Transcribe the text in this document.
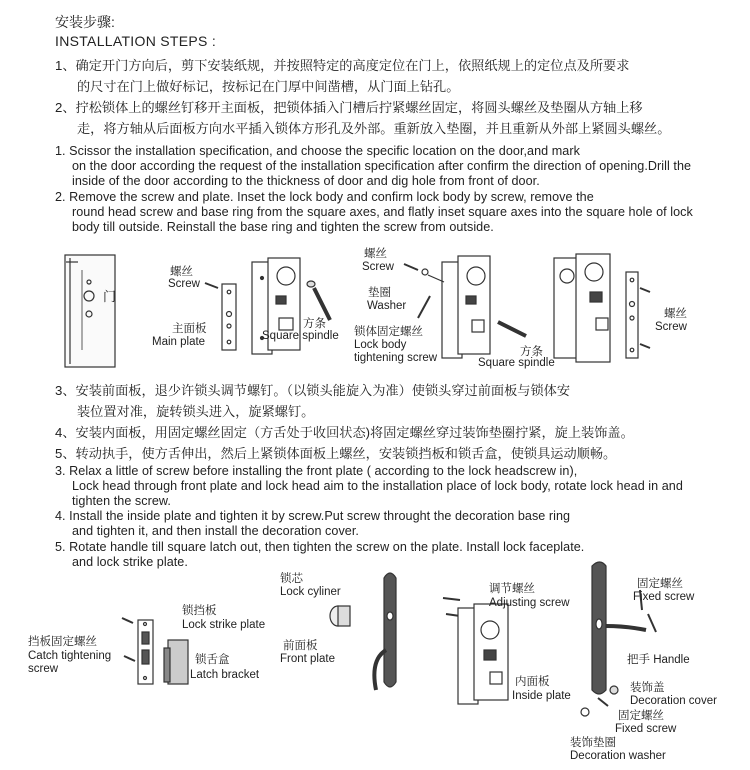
安装步骤:
INSTALLATION STEPS :
1、确定开门方向后，剪下安装纸规，并按照特定的高度定位在门上，依照纸规上的定位点及所要求
的尺寸在门上做好标记，按标记在门厚中间凿槽，从门面上钻孔。
2、拧松锁体上的螺丝钉移开主面板，把锁体插入门槽后拧紧螺丝固定，将圆头螺丝及垫圈从方轴上移
走，将方轴从后面板方向水平插入锁体方形孔及外部。重新放入垫圈，并且重新从外部上紧圆头螺丝。
1. Scissor the installation specification, and choose the specific location on the door,and mark
on the door according the request of the installation specification after confirm the direction of opening.Drill the inside of the door according to the thickness of door and dig hole from front of door.
2. Remove the screw and plate. Inset the lock body and confirm lock body by screw, remove the
round head screw and base ring from the square axes, and flatly inset square axes into the square hole of lock body till outside. Reinstall the base ring and tighten the screw from outside.
门
螺丝
Screw
主面板
Main plate
方条
Square spindle
螺丝
Screw
垫圈
Washer
锁体固定螺丝
Lock body
tightening screw	方条
Square spindle
螺丝
Screw
3、安装前面板，退少许锁头调节螺钉。（以锁头能旋入为准）使锁头穿过前面板与锁体安
装位置对准，旋转锁头进入，旋紧螺钉。
4、安装内面板，用固定螺丝固定（方舌处于收回状态)将固定螺丝穿过装饰垫圈拧紧，旋上装饰盖。
5、转动执手，使方舌伸出，然后上紧锁体面板上螺丝，安装锁挡板和锁舌盒，使锁具运动顺畅。
3. Relax a little of screw before installing the front plate ( according to the lock headscrew in),
Lock head through front plate and lock head aim to the installation place of lock body, rotate lock head in and tighten the screw.
4. Install the inside plate and tighten it by screw.Put screw throught the decoration base ring
and tighten it, and then install the decoration cover.
5. Rotate handle till square latch out, then tighten the screw on the plate. Install lock faceplate.
and lock strike plate.
挡板固定螺丝
Catch tightening
screw
锁挡板
Lock strike plate
锁舌盒
Latch bracket
锁芯
Lock cyliner
前面板
Front plate
调节螺丝
Adjusting screw
内面板
Inside plate
固定螺丝
Fixed screw
把手 Handle
装饰盖
Decoration cover
固定螺丝
Fixed screw
装饰垫圈
Decoration washer
